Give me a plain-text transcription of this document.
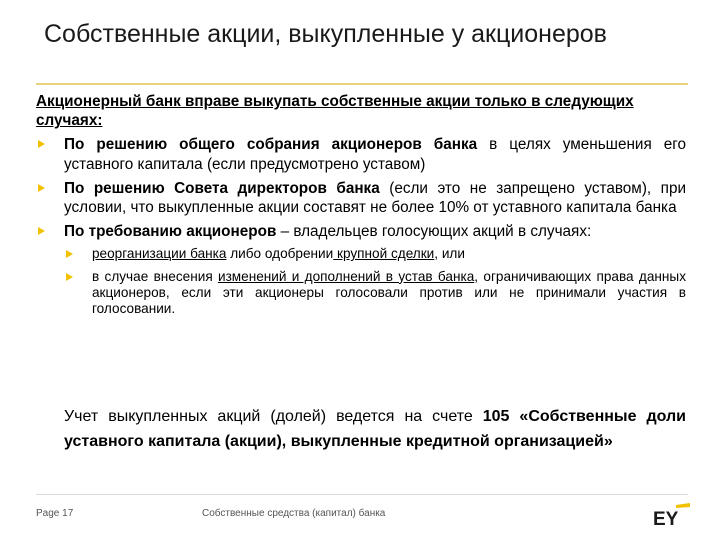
Собственные акции, выкупленные у акционеров

Акционерный банк вправе выкупать собственные акции только в следующих случаях:

По решению общего собрания акционеров банка в целях уменьшения его уставного капитала (если предусмотрено уставом)
По решению Совета директоров банка (если это не запрещено уставом), при условии, что выкупленные акции составят не более 10% от уставного капитала банка
По требованию акционеров – владельцев голосующих акций в случаях:
реорганизации банка либо одобрении крупной сделки, или
в случае внесения изменений и дополнений в устав банка, ограничивающих права данных акционеров, если эти акционеры голосовали против или не принимали участия в голосовании.

Учет выкупленных акций (долей) ведется на счете 105 «Собственные доли уставного капитала (акции), выкупленные кредитной организацией»

Page 17	Собственные средства (капитал) банка	EY
